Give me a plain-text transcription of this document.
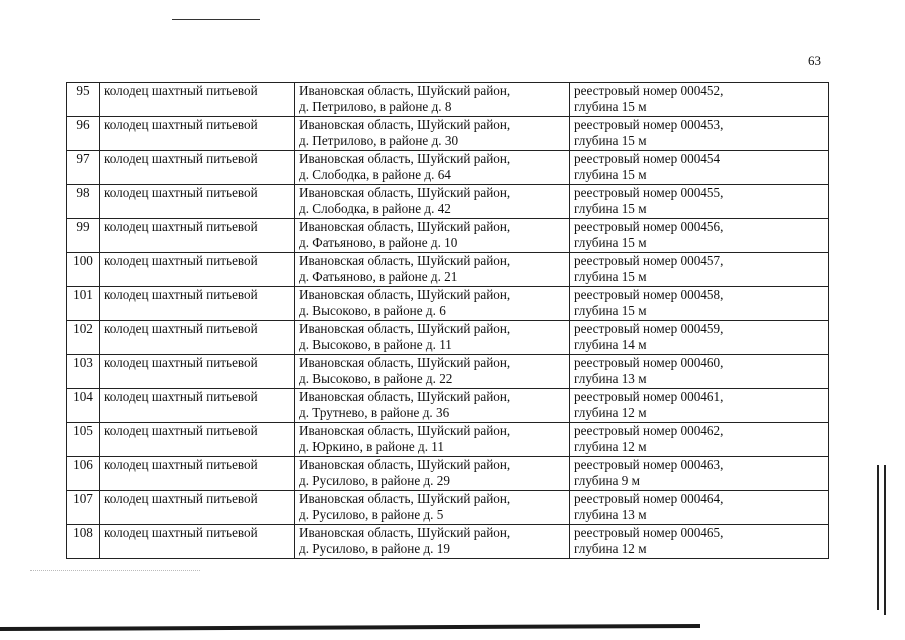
63
95	колодец шахтный питьевой	Ивановская область, Шуйский район,
д. Петрилово, в районе д. 8	реестровый номер 000452,
глубина 15 м

96	колодец шахтный питьевой	Ивановская область, Шуйский район,
д. Петрилово, в районе д. 30	реестровый номер 000453,
глубина 15 м

97	колодец шахтный питьевой	Ивановская область, Шуйский район,
д. Слободка, в районе д. 64	реестровый номер 000454
глубина 15 м

98	колодец шахтный питьевой	Ивановская область, Шуйский район,
д. Слободка, в районе д. 42	реестровый номер 000455,
глубина 15 м

99	колодец шахтный питьевой	Ивановская область, Шуйский район,
д. Фатьяново, в районе д. 10	реестровый номер 000456,
глубина 15 м

100	колодец шахтный питьевой	Ивановская область, Шуйский район,
д. Фатьяново, в районе д. 21	реестровый номер 000457,
глубина 15 м

101	колодец шахтный питьевой	Ивановская область, Шуйский район,
д. Высоково, в районе д. 6	реестровый номер 000458,
глубина 15 м

102	колодец шахтный питьевой	Ивановская область, Шуйский район,
д. Высоково, в районе д. 11	реестровый номер 000459,
глубина 14 м

103	колодец шахтный питьевой	Ивановская область, Шуйский район,
д. Высоково, в районе д. 22	реестровый номер 000460,
глубина 13 м

104	колодец шахтный питьевой	Ивановская область, Шуйский район,
д. Трутнево, в районе д. 36	реестровый номер 000461,
глубина 12 м

105	колодец шахтный питьевой	Ивановская область, Шуйский район,
д. Юркино, в районе д. 11	реестровый номер 000462,
глубина 12 м

106	колодец шахтный питьевой	Ивановская область, Шуйский район,
д. Русилово, в районе д. 29	реестровый номер 000463,
глубина 9 м

107	колодец шахтный питьевой	Ивановская область, Шуйский район,
д. Русилово, в районе д. 5	реестровый номер 000464,
глубина 13 м

108	колодец шахтный питьевой	Ивановская область, Шуйский район,
д. Русилово, в районе д. 19	реестровый номер 000465,
глубина 12 м
